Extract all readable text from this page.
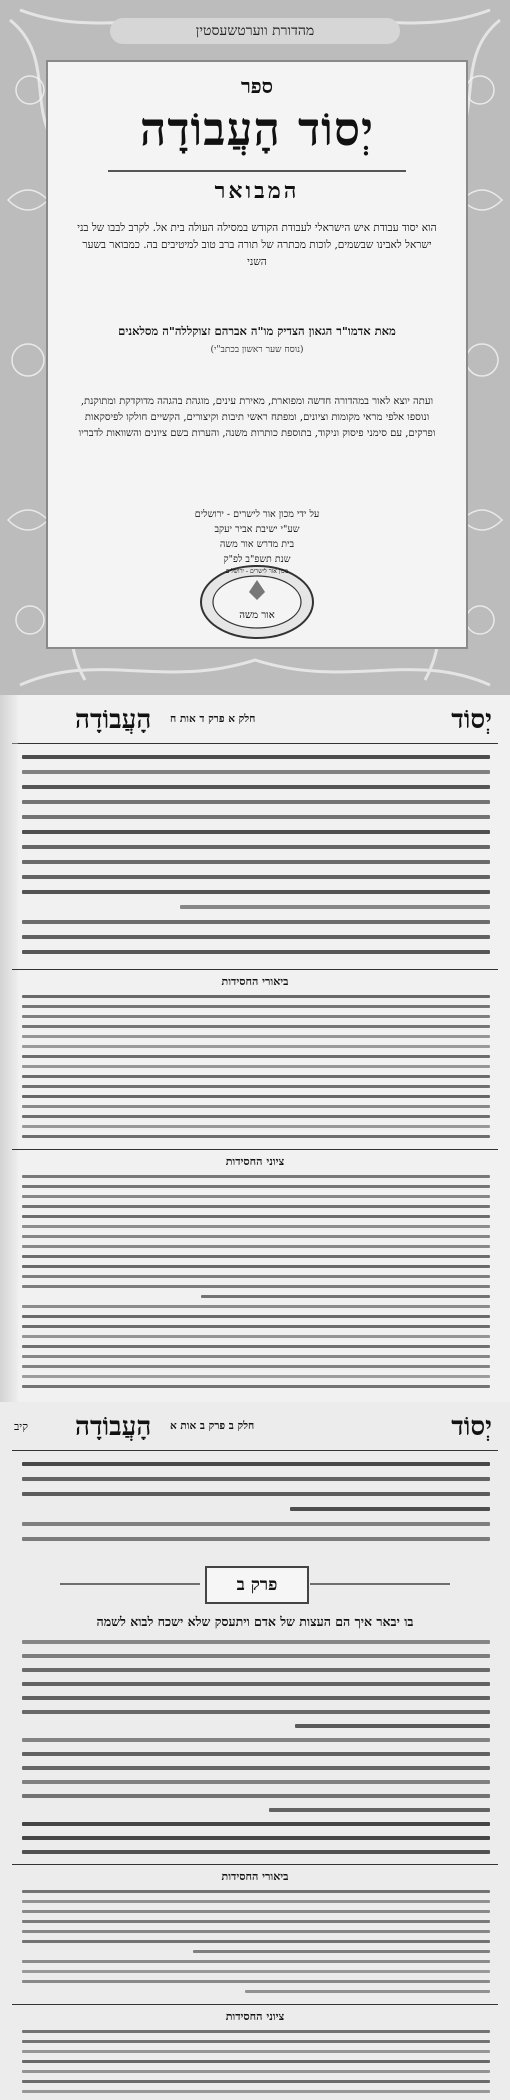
מהדורת ווערטשעסטין
ספר
יְסוֹד הָעֲבוֹדָה
המבואר
הוא יסוד עבודת איש הישראלי לעבודת הקודש במסילה העולה בית אל. לקרב לבבו של בני ישראל לאבינו שבשמים, לוכות מכתרה של תורה ברב טוב למיטיבים בה. כמבואר בשער השני
מאת אדמו"ר הגאון הצדיק מו"ה אברהם זצוקללה"ה מסלאנים
(נוסח שער ראשון בכתב"י)
ועתה יוצא לאור במהדורה חדשה ומפוארת, מאירת עינים, מוגהת בהגהה מדוקדקת ומתוקנת, ונוספו אלפי מראי מקומות וציונים, ומפתח ראשי תיבות וקיצורים, הקשיים חולקו לפיסקאות ופרקים, עם סימני פיסוק וניקוד, בתוספת כותרות משנה, והערות בשם ציונים והשוואות לדבריו
על ידי מכון אור לישרים - ירושלים
שע"י ישיבת אביר יעקב
בית מדרש אור משה
שנת תשפ"ב לפ"ק
אור משה
מכון אור לישרים - ירושלים
יְסוֹד
חלק א פרק ד אות ח
הָעֲבוֹדָה
ביאורי החסידות
ציוני החסידות
יְסוֹד
חלק ב פרק ב אות א
הָעֲבוֹדָה
קיב
פרק ב
בו יבאר איך הם העצות של אדם ויתעסק שלא ישכח לבוא לשמה
ביאורי החסידות
ציוני החסידות
